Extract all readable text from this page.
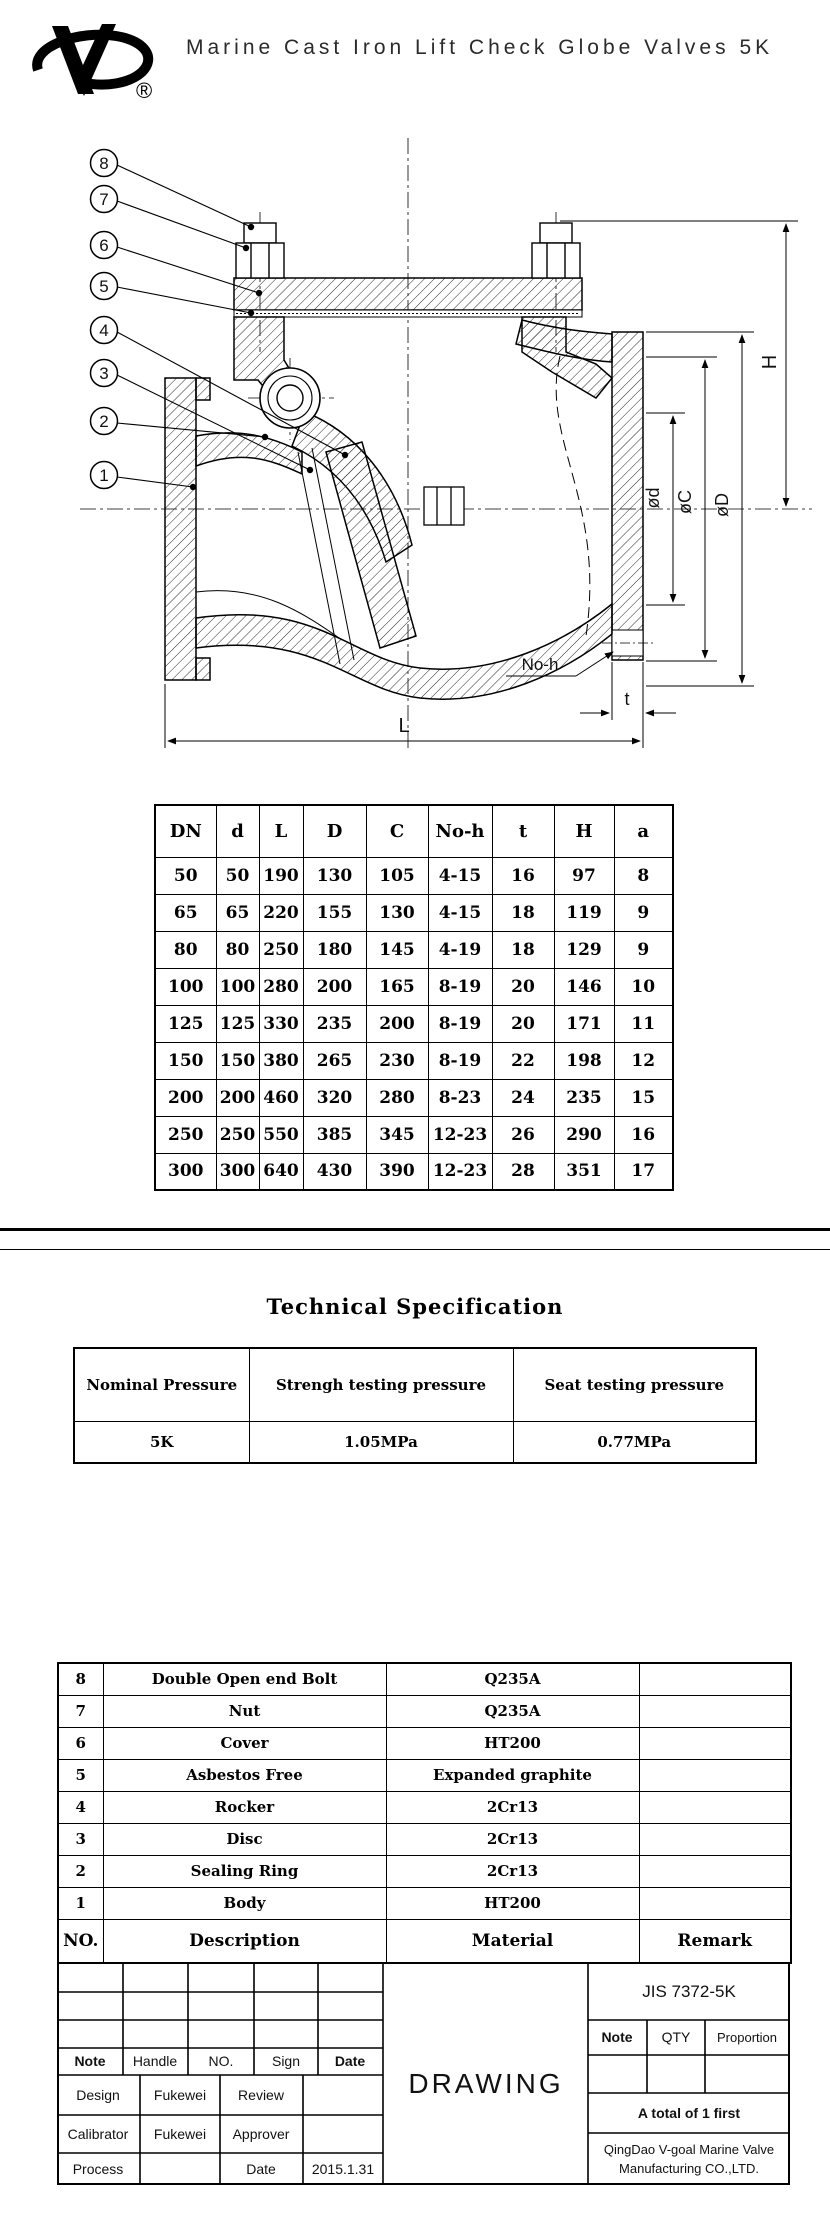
®
Marine Cast Iron Lift Check Globe Valves 5K
8
7
6
5
4
3
2
1
H
øD
øC
ød
L
t
No-h
DN	d	L	D	C	No-h	t	H	a
50	50	190	130	105	4-15	16	97	8
65	65	220	155	130	4-15	18	119	9
80	80	250	180	145	4-19	18	129	9
100	100	280	200	165	8-19	20	146	10
125	125	330	235	200	8-19	20	171	11
150	150	380	265	230	8-19	22	198	12
200	200	460	320	280	8-23	24	235	15
250	250	550	385	345	12-23	26	290	16
300	300	640	430	390	12-23	28	351	17
Technical Specification
Nominal Pressure	Strengh testing pressure	Seat testing pressure
5K	1.05MPa	0.77MPa
8	Double Open end Bolt	Q235A	
7	Nut	Q235A	
6	Cover	HT200	
5	Asbestos Free	Expanded graphite	
4	Rocker	2Cr13	
3	Disc	2Cr13	
2	Sealing Ring	2Cr13	
1	Body	HT200	
NO.	Description	Material	Remark
Note Handle NO.	Sign Date
Design Fukewei Review
Calibrator Fukewei Approver
Process	Date	2015.1.31
DRAWING
JIS 7372-5K
Note QTY Proportion
A total of 1 first
QingDao V-goal Marine Valve
Manufacturing CO.,LTD.
